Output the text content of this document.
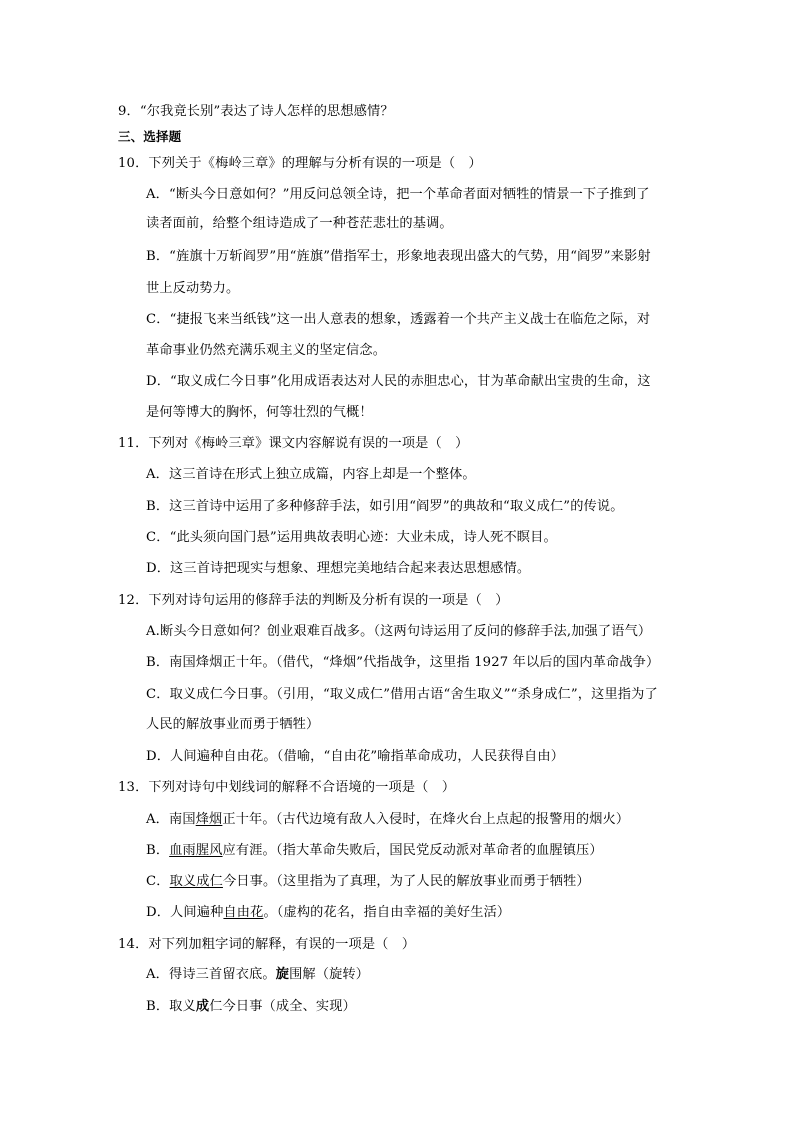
9．“尔我竟长别”表达了诗人怎样的思想感情？
三、选择题
10．下列关于《梅岭三章》的理解与分析有误的一项是（　）
A．“断头今日意如何？”用反问总领全诗，把一个革命者面对牺牲的情景一下子推到了
读者面前，给整个组诗造成了一种苍茫悲壮的基调。
B．“旌旗十万斩阎罗”用“旌旗”借指军士，形象地表现出盛大的气势，用“阎罗”来影射
世上反动势力。
C．“捷报飞来当纸钱”这一出人意表的想象，透露着一个共产主义战士在临危之际，对
革命事业仍然充满乐观主义的坚定信念。
D．“取义成仁今日事”化用成语表达对人民的赤胆忠心，甘为革命献出宝贵的生命，这
是何等博大的胸怀，何等壮烈的气概！
11．下列对《梅岭三章》课文内容解说有误的一项是（　）
A．这三首诗在形式上独立成篇，内容上却是一个整体。
B．这三首诗中运用了多种修辞手法，如引用“阎罗”的典故和“取义成仁”的传说。
C．“此头须向国门悬”运用典故表明心迹：大业未成，诗人死不瞑目。
D．这三首诗把现实与想象、理想完美地结合起来表达思想感情。
12．下列对诗句运用的修辞手法的判断及分析有误的一项是（　）
A.断头今日意如何？创业艰难百战多。（这两句诗运用了反问的修辞手法,加强了语气）
B．南国烽烟正十年。（借代，“烽烟”代指战争，这里指 1927 年以后的国内革命战争）
C．取义成仁今日事。（引用，“取义成仁”借用古语“舍生取义”“杀身成仁”，这里指为了
人民的解放事业而勇于牺牲）
D．人间遍种自由花。（借喻，“自由花”喻指革命成功，人民获得自由）
13．下列对诗句中划线词的解释不合语境的一项是（　）
A．南国烽烟正十年。（古代边境有敌人入侵时，在烽火台上点起的报警用的烟火）
B．血雨腥风应有涯。（指大革命失败后，国民党反动派对革命者的血腥镇压）
C．取义成仁今日事。（这里指为了真理，为了人民的解放事业而勇于牺牲）
D．人间遍种自由花。（虚构的花名，指自由幸福的美好生活）
14．对下列加粗字词的解释，有误的一项是（　）
A．得诗三首留衣底。旋围解（旋转）
B．取义成仁今日事（成全、实现）
